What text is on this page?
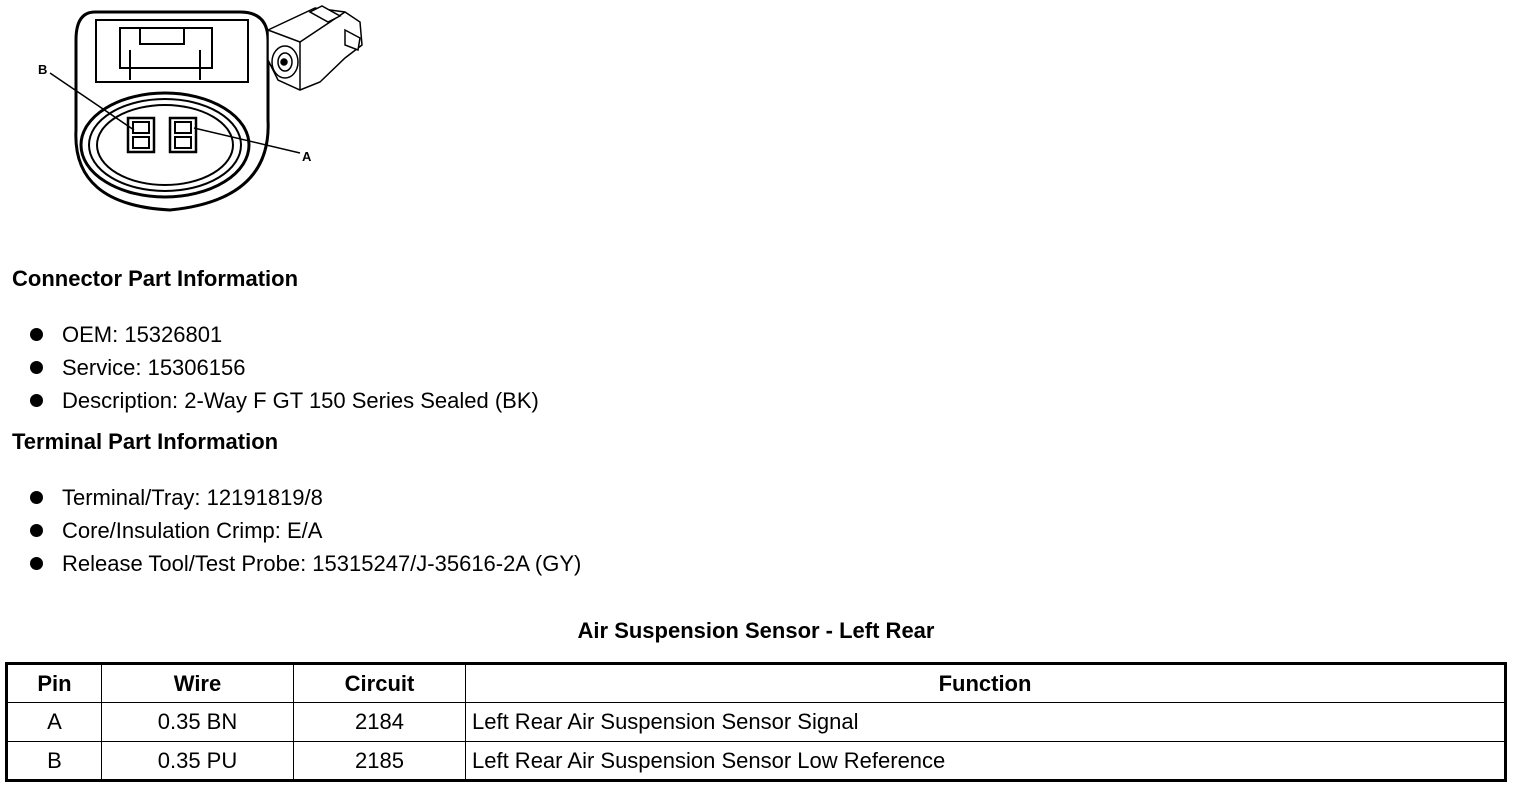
B
A
Connector Part Information
OEM: 15326801
Service: 15306156
Description: 2-Way F GT 150 Series Sealed (BK)
Terminal Part Information
Terminal/Tray: 12191819/8
Core/Insulation Crimp: E/A
Release Tool/Test Probe: 15315247/J-35616-2A (GY)
Air Suspension Sensor - Left Rear
Pin	Wire	Circuit	Function
A	0.35 BN	2184	Left Rear Air Suspension Sensor Signal
B	0.35 PU	2185	Left Rear Air Suspension Sensor Low Reference
